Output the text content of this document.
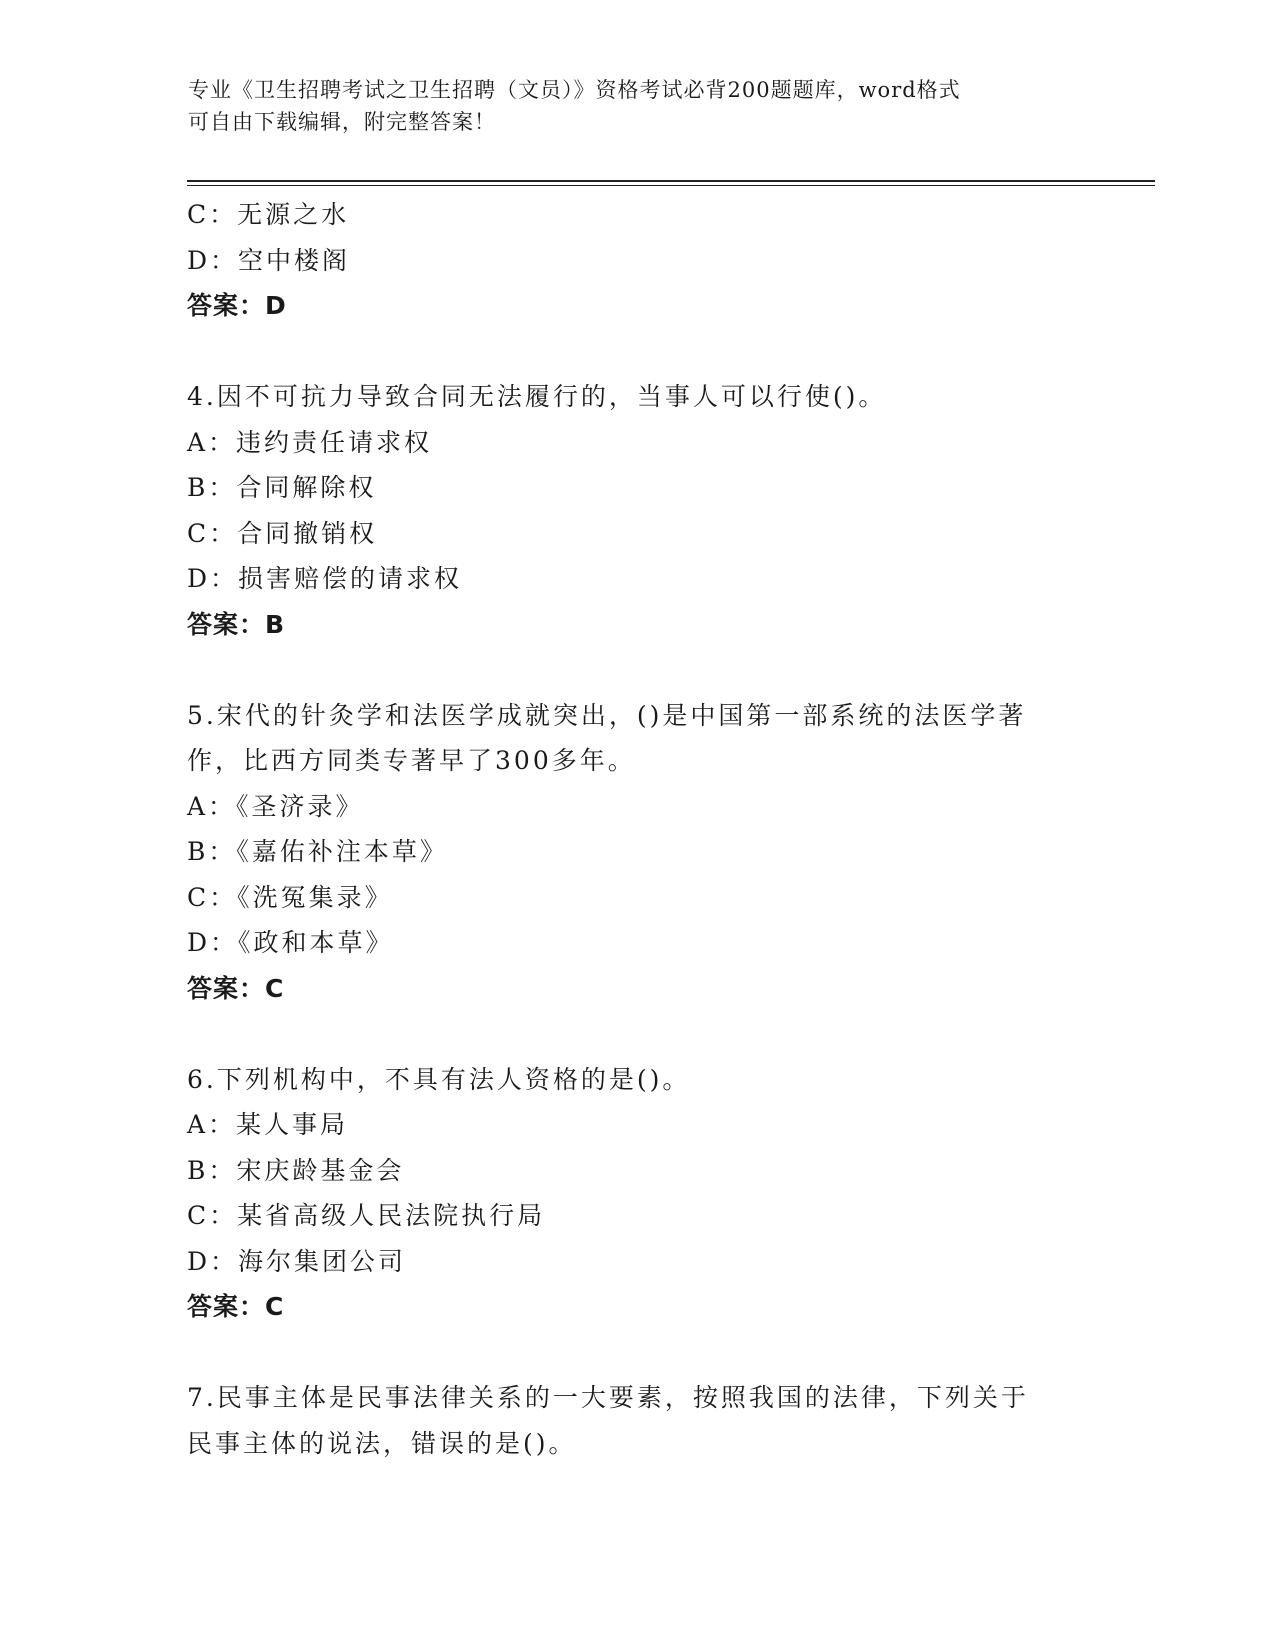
专业《卫生招聘考试之卫生招聘（文员）》资格考试必背200题题库，word格式
可自由下载编辑，附完整答案！
C：无源之水
D：空中楼阁
答案：D
4.因不可抗力导致合同无法履行的，当事人可以行使()。
A：违约责任请求权
B：合同解除权
C：合同撤销权
D：损害赔偿的请求权
答案：B
5.宋代的针灸学和法医学成就突出，()是中国第一部系统的法医学著
作，比西方同类专著早了300多年。
A：《圣济录》
B：《嘉佑补注本草》
C：《洗冤集录》
D：《政和本草》
答案：C
6.下列机构中，不具有法人资格的是()。
A：某人事局
B：宋庆龄基金会
C：某省高级人民法院执行局
D：海尔集团公司
答案：C
7.民事主体是民事法律关系的一大要素，按照我国的法律，下列关于
民事主体的说法，错误的是()。
